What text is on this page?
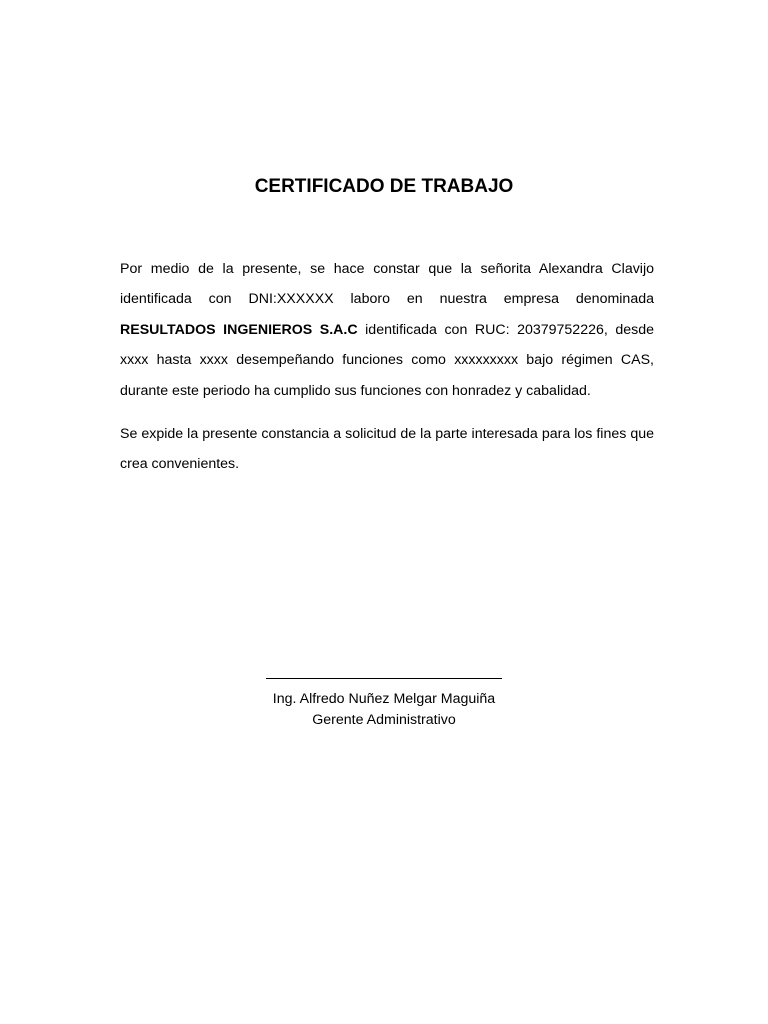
CERTIFICADO DE TRABAJO

Por medio de la presente, se hace constar que la señorita Alexandra Clavijo identificada con DNI:XXXXXX laboro en nuestra empresa denominada RESULTADOS INGENIEROS S.A.C identificada con RUC: 20379752226, desde xxxx hasta xxxx desempeñando funciones como xxxxxxxxx bajo régimen CAS, durante este periodo ha cumplido sus funciones con honradez y cabalidad.

Se expide la presente constancia a solicitud de la parte interesada para los fines que crea convenientes.

Ing. Alfredo Nuñez Melgar Maguiña
Gerente Administrativo
